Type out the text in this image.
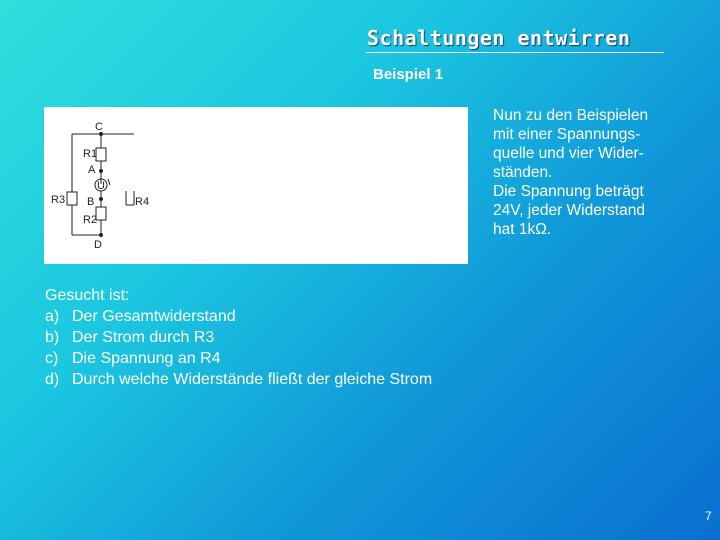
Schaltungen entwirren
Beispiel 1
C
R1
A
U
R3 B	R4
R2
D
Nun zu den Beispielen
mit einer Spannungs-
quelle und vier Wider-
ständen.
Die Spannung beträgt
24V, jeder Widerstand
hat 1kΩ.
Gesucht ist:
a) Der Gesamtwiderstand
b) Der Strom durch R3
c) Die Spannung an R4
d) Durch welche Widerstände fließt der gleiche Strom
7
